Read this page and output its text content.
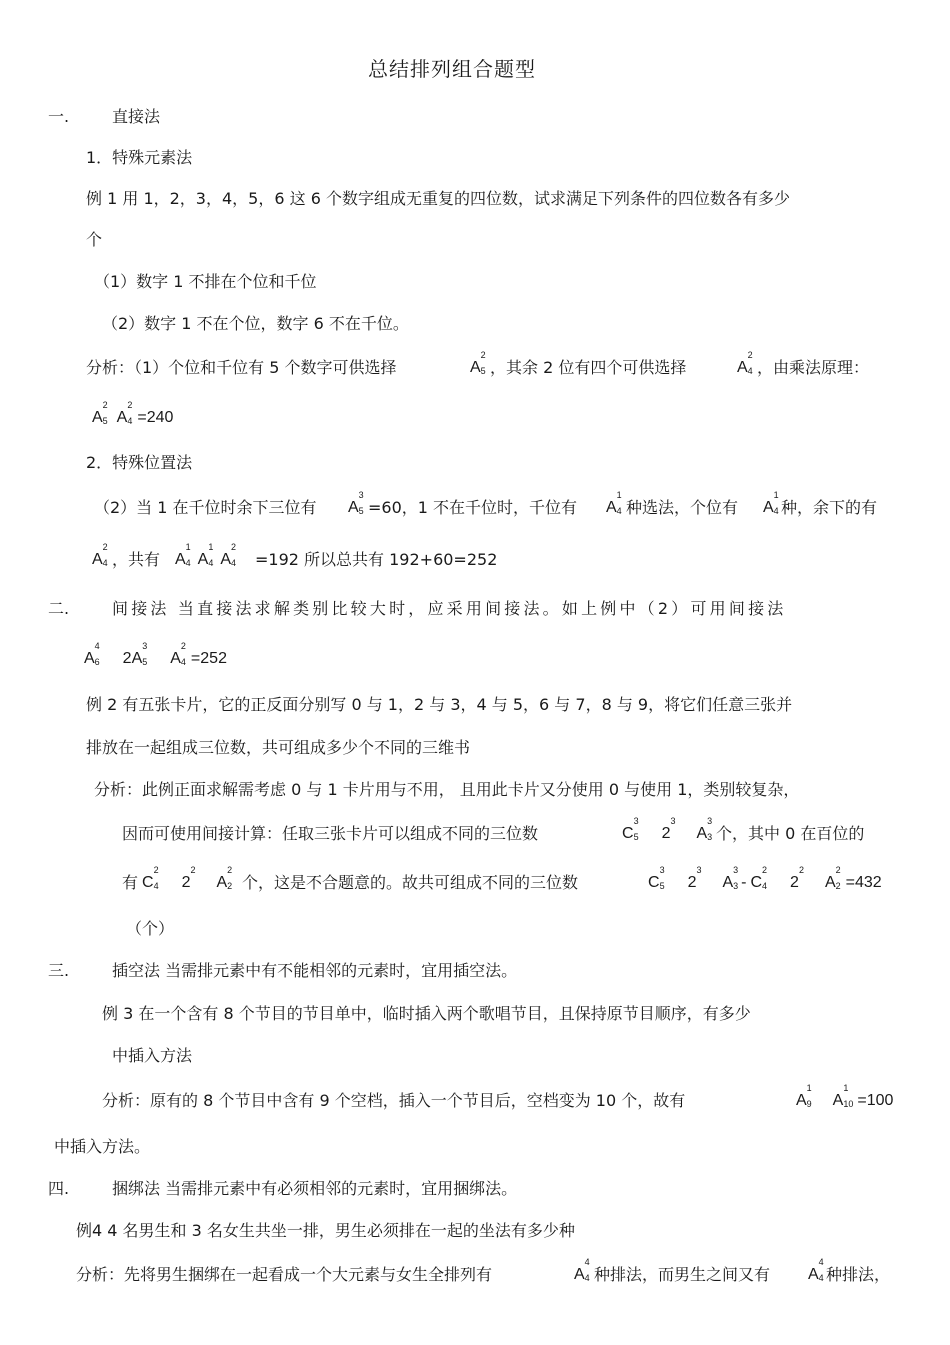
总结排列组合题型
一.	直接法
1．特殊元素法
例 1 用 1，2，3，4，5，6 这 6 个数字组成无重复的四位数，试求满足下列条件的四位数各有多少
个
（1）数字 1 不排在个位和千位
（2）数字 1 不在个位，数字 6 不在千位。
分析：（1）个位和千位有 5 个数字可供选择	A
2
5 ，其余 2 位有四个可供选择	A
2
4 ，由乘法原理：
A
2
5 A
2
4 =240
2．特殊位置法
（2）当 1 在千位时余下三位有 A
3
5 =60，1 不在千位时，千位有 A
1
4 种选法，个位有 A
1
4 种，余下的有
A
2
4 ，共有 A
1
4 A
1
4 A
2
4 =192 所以总共有 192+60=252
二.	间接法 当直接法求解类别比较大时，应采用间接法。如上例中（2）可用间接法
A
4
6 2A
3
5 A
2
4 =252
例 2 有五张卡片，它的正反面分别写 0 与 1，2 与 3，4 与 5，6 与 7，8 与 9，将它们任意三张并
排放在一起组成三位数，共可组成多少个不同的三维书
分析：此例正面求解需考虑 0 与 1 卡片用与不用， 且用此卡片又分使用 0 与使用 1，类别较复杂，
因而可使用间接计算：任取三张卡片可以组成不同的三位数	C
3
5 2
3
A
3
3 个，其中 0 在百位的
有 C
2
4 2
2
A
2
2 个，这是不合题意的。故共可组成不同的三位数	C
3
5 2
3
A
3
3 - C
2
4 2
2
A
2
2 =432
（个）
三.	插空法 当需排元素中有不能相邻的元素时，宜用插空法。
例 3 在一个含有 8 个节目的节目单中，临时插入两个歌唱节目，且保持原节目顺序，有多少
中插入方法
分析：原有的 8 个节目中含有 9 个空档，插入一个节目后，空档变为 10 个，故有	A
1
9 A
1
10 =100
中插入方法。
四.	捆绑法 当需排元素中有必须相邻的元素时，宜用捆绑法。
例4 4 名男生和 3 名女生共坐一排，男生必须排在一起的坐法有多少种
分析：先将男生捆绑在一起看成一个大元素与女生全排列有	A
4
4 种排法，而男生之间又有 A
4
4 种排法，
